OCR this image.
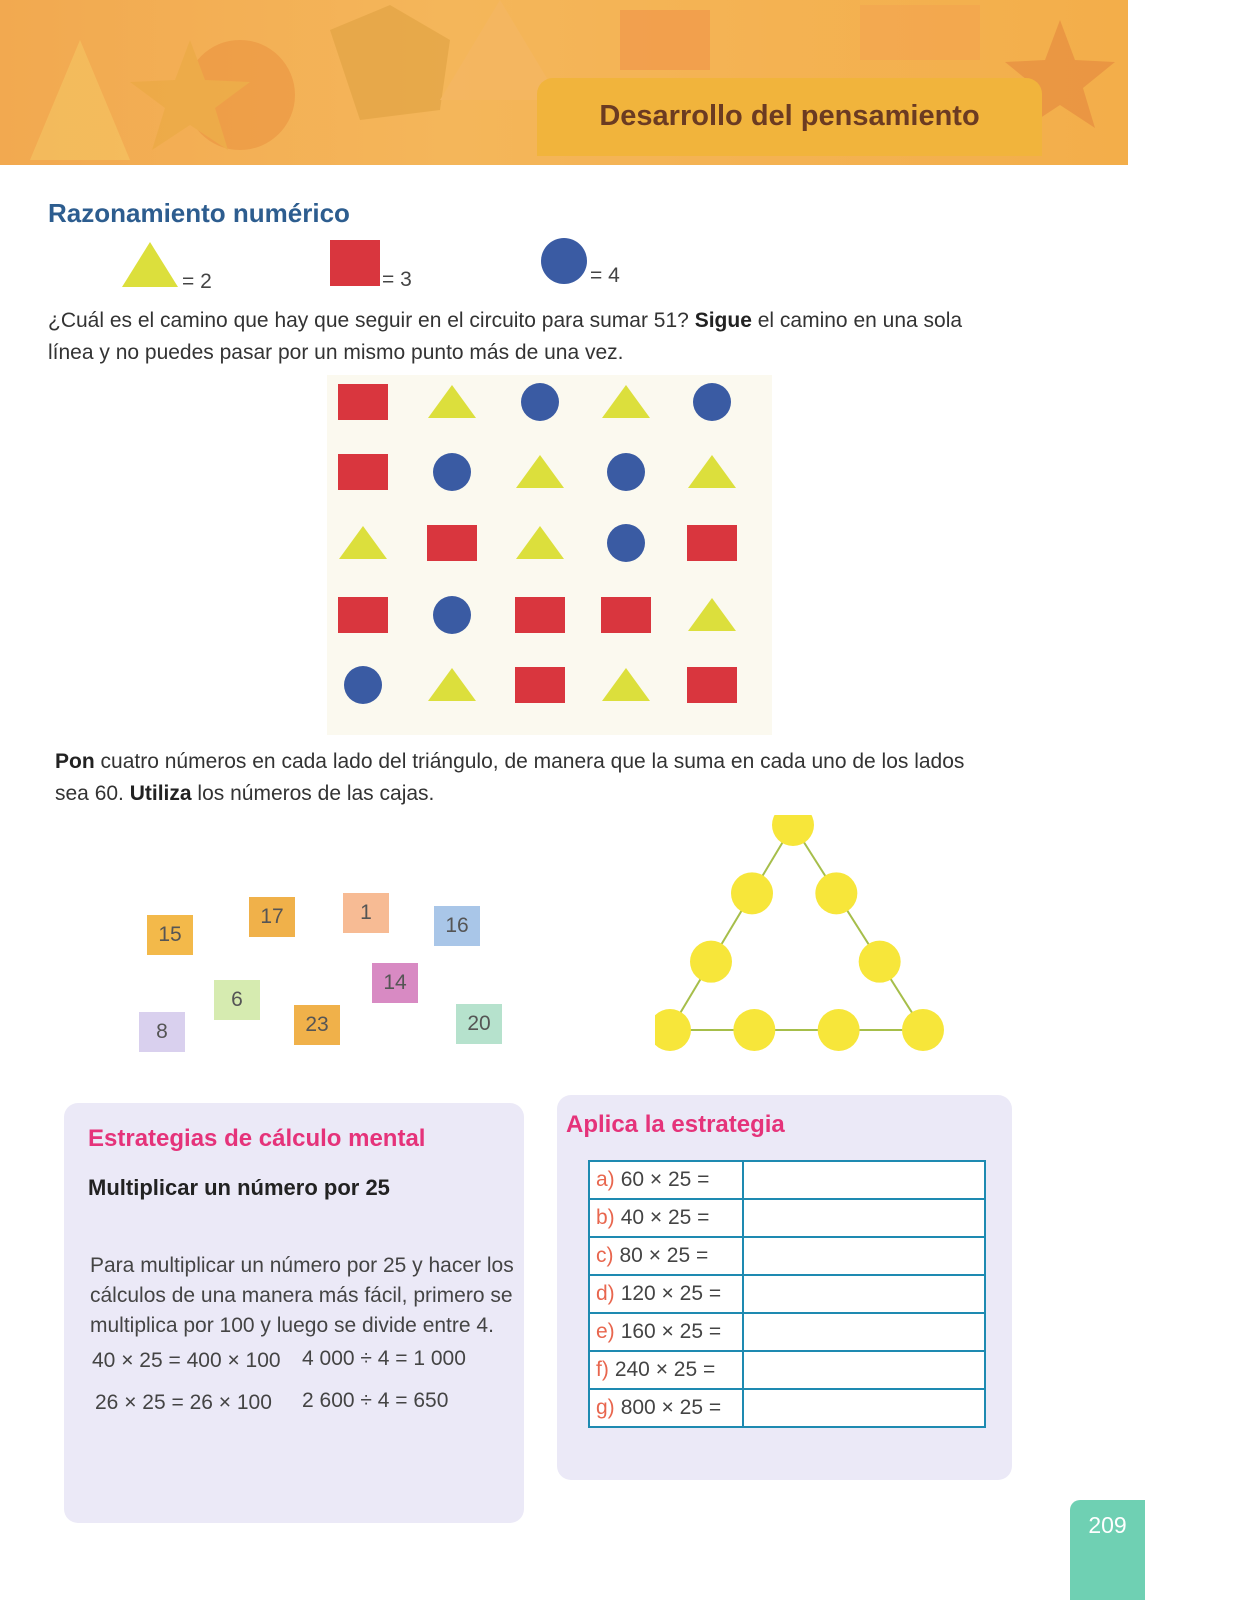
Desarrollo del pensamiento
Razonamiento numérico
= 2	= 3	= 4
¿Cuál es el camino que hay que seguir en el circuito para sumar 51? Sigue el camino en una sola
línea y no puedes pasar por un mismo punto más de una vez.
Pon cuatro números en cada lado del triángulo, de manera que la suma en cada uno de los lados
sea 60. Utiliza los números de las cajas.
15
17	1
16
6
14
8	23	20
Estrategias de cálculo mental
Multiplicar un número por 25
Para multiplicar un número por 25 y hacer los
cálculos de una manera más fácil, primero se
multiplica por 100 y luego se divide entre 4.
40 × 25 = 400 × 100 4 000 ÷ 4 = 1 000
26 × 25 = 26 × 100 2 600 ÷ 4 = 650
Aplica la estrategia
a) 60 × 25 =	
b) 40 × 25 =	
c) 80 × 25 =	
d) 120 × 25 =	
e) 160 × 25 =	
f) 240 × 25 =	
g) 800 × 25 =	
209
